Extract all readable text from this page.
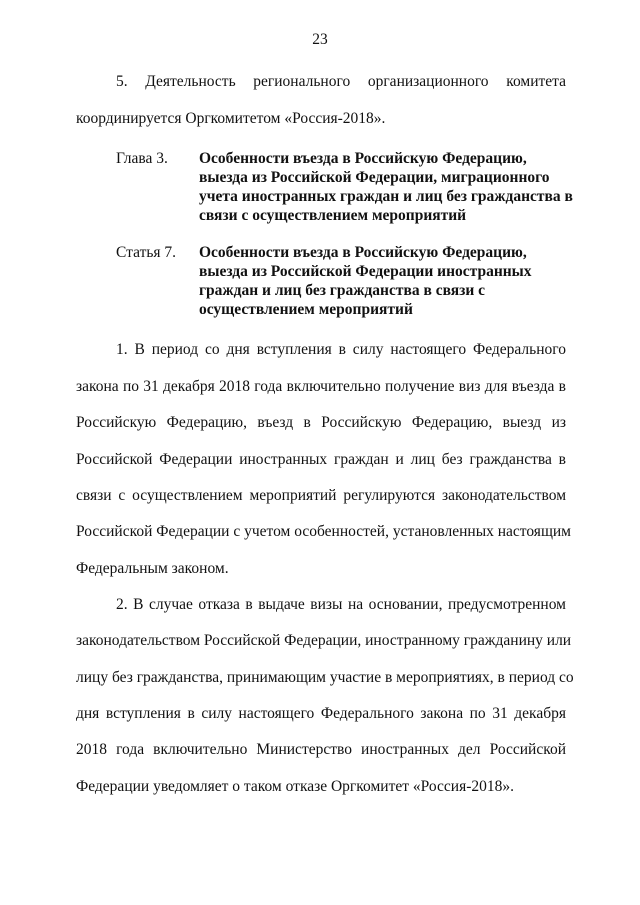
23
5. Деятельность регионального организационного комитета
координируется Оргкомитетом «Россия-2018».
Глава 3. Особенности въезда в Российскую Федерацию, выезда из Российской Федерации, миграционного учета иностранных граждан и лиц без гражданства в связи с осуществлением мероприятий
Статья 7. Особенности въезда в Российскую Федерацию, выезда из Российской Федерации иностранных граждан и лиц без гражданства в связи с осуществлением мероприятий
1. В период со дня вступления в силу настоящего Федерального
закона по 31 декабря 2018 года включительно получение виз для въезда в
Российскую Федерацию, въезд в Российскую Федерацию, выезд из
Российской Федерации иностранных граждан и лиц без гражданства в
связи с осуществлением мероприятий регулируются законодательством
Российской Федерации с учетом особенностей, установленных настоящим
Федеральным законом.
2. В случае отказа в выдаче визы на основании, предусмотренном
законодательством Российской Федерации, иностранному гражданину или
лицу без гражданства, принимающим участие в мероприятиях, в период со
дня вступления в силу настоящего Федерального закона по 31 декабря
2018 года включительно Министерство иностранных дел Российской
Федерации уведомляет о таком отказе Оргкомитет «Россия-2018».
